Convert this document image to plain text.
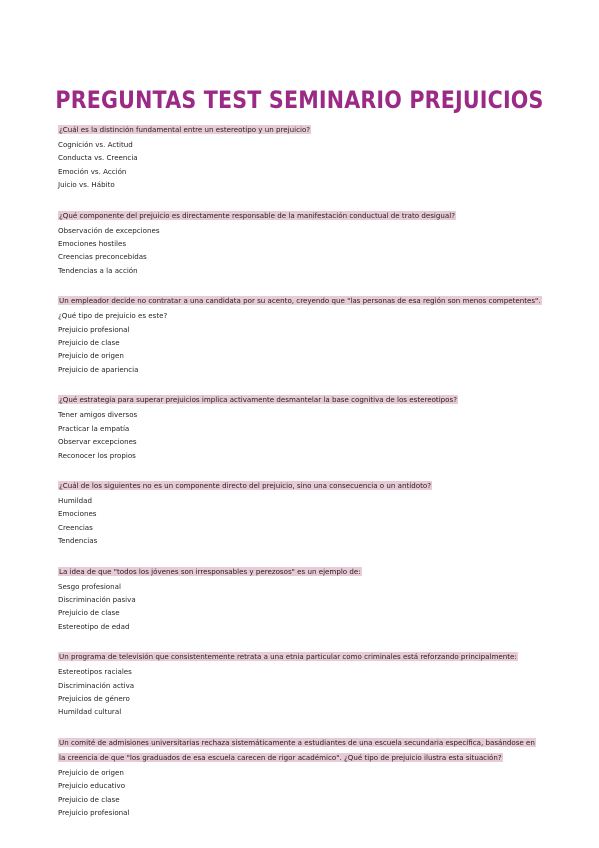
PREGUNTAS TEST SEMINARIO PREJUICIOS
¿Cuál es la distinción fundamental entre un estereotipo y un prejuicio?
Cognición vs. Actitud
Conducta vs. Creencia
Emoción vs. Acción
Juicio vs. Hábito
¿Qué componente del prejuicio es directamente responsable de la manifestación conductual de trato desigual?
Observación de excepciones
Emociones hostiles
Creencias preconcebidas
Tendencias a la acción
Un empleador decide no contratar a una candidata por su acento, creyendo que "las personas de esa región son menos competentes".
¿Qué tipo de prejuicio es este?
Prejuicio profesional
Prejuicio de clase
Prejuicio de origen
Prejuicio de apariencia
¿Qué estrategia para superar prejuicios implica activamente desmantelar la base cognitiva de los estereotipos?
Tener amigos diversos
Practicar la empatía
Observar excepciones
Reconocer los propios
¿Cuál de los siguientes no es un componente directo del prejuicio, sino una consecuencia o un antídoto?
Humildad
Emociones
Creencias
Tendencias
La idea de que "todos los jóvenes son irresponsables y perezosos" es un ejemplo de:
Sesgo profesional
Discriminación pasiva
Prejuicio de clase
Estereotipo de edad
Un programa de televisión que consistentemente retrata a una etnia particular como criminales está reforzando principalmente:
Estereotipos raciales
Discriminación activa
Prejuicios de género
Humildad cultural
Un comité de admisiones universitarias rechaza sistemáticamente a estudiantes de una escuela secundaria específica, basándose en la creencia de que "los graduados de esa escuela carecen de rigor académico". ¿Qué tipo de prejuicio ilustra esta situación?
Prejuicio de origen
Prejuicio educativo
Prejuicio de clase
Prejuicio profesional
